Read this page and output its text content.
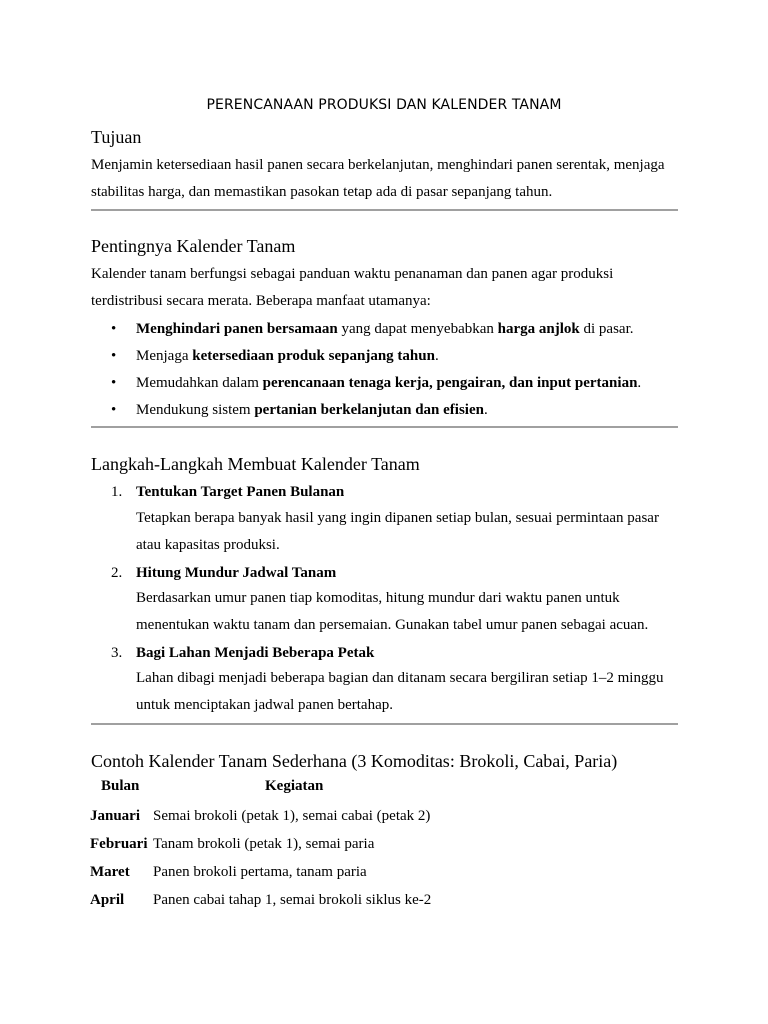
PERENCANAAN PRODUKSI DAN KALENDER TANAM
Tujuan
Menjamin ketersediaan hasil panen secara berkelanjutan, menghindari panen serentak, menjaga
stabilitas harga, dan memastikan pasokan tetap ada di pasar sepanjang tahun.
Pentingnya Kalender Tanam
Kalender tanam berfungsi sebagai panduan waktu penanaman dan panen agar produksi
terdistribusi secara merata. Beberapa manfaat utamanya:
• Menghindari panen bersamaan yang dapat menyebabkan harga anjlok di pasar.
• Menjaga ketersediaan produk sepanjang tahun.
• Memudahkan dalam perencanaan tenaga kerja, pengairan, dan input pertanian.
• Mendukung sistem pertanian berkelanjutan dan efisien.
Langkah-Langkah Membuat Kalender Tanam
1. Tentukan Target Panen Bulanan
Tetapkan berapa banyak hasil yang ingin dipanen setiap bulan, sesuai permintaan pasar
atau kapasitas produksi.
2. Hitung Mundur Jadwal Tanam
Berdasarkan umur panen tiap komoditas, hitung mundur dari waktu panen untuk
menentukan waktu tanam dan persemaian. Gunakan tabel umur panen sebagai acuan.
3. Bagi Lahan Menjadi Beberapa Petak
Lahan dibagi menjadi beberapa bagian dan ditanam secara bergiliran setiap 1–2 minggu
untuk menciptakan jadwal panen bertahap.
Contoh Kalender Tanam Sederhana (3 Komoditas: Brokoli, Cabai, Paria)
Bulan	Kegiatan
Januari Semai brokoli (petak 1), semai cabai (petak 2)
Februari Tanam brokoli (petak 1), semai paria
Maret Panen brokoli pertama, tanam paria
April Panen cabai tahap 1, semai brokoli siklus ke-2
